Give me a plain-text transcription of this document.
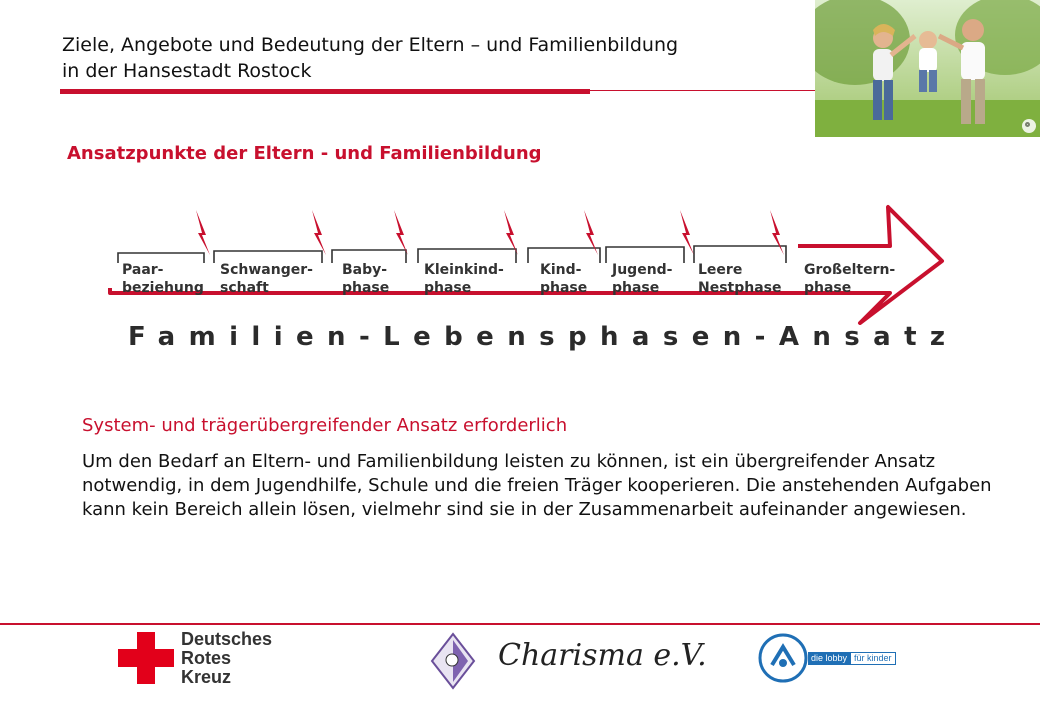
Ziele, Angebote und Bedeutung der Eltern – und Familienbildung
in der Hansestadt Rostock
Ansatzpunkte der Eltern - und Familienbildung
Paar-
beziehung
Schwanger-
schaft
Baby-
phase
Kleinkind-
phase
Kind-
phase
Jugend-
phase
Leere
Nestphase
Großeltern-
phase
Familien-Lebensphasen-Ansatz
System- und trägerübergreifender Ansatz erforderlich
Um den Bedarf an Eltern- und Familienbildung leisten zu können, ist ein übergreifender Ansatz notwendig, in dem Jugendhilfe, Schule und die freien Träger kooperieren. Die anstehenden Aufgaben kann kein Bereich allein lösen, vielmehr sind sie in der Zusammenarbeit aufeinander angewiesen.
Deutsches
Rotes
Kreuz
Charisma e.V.	die lobby für kinder
